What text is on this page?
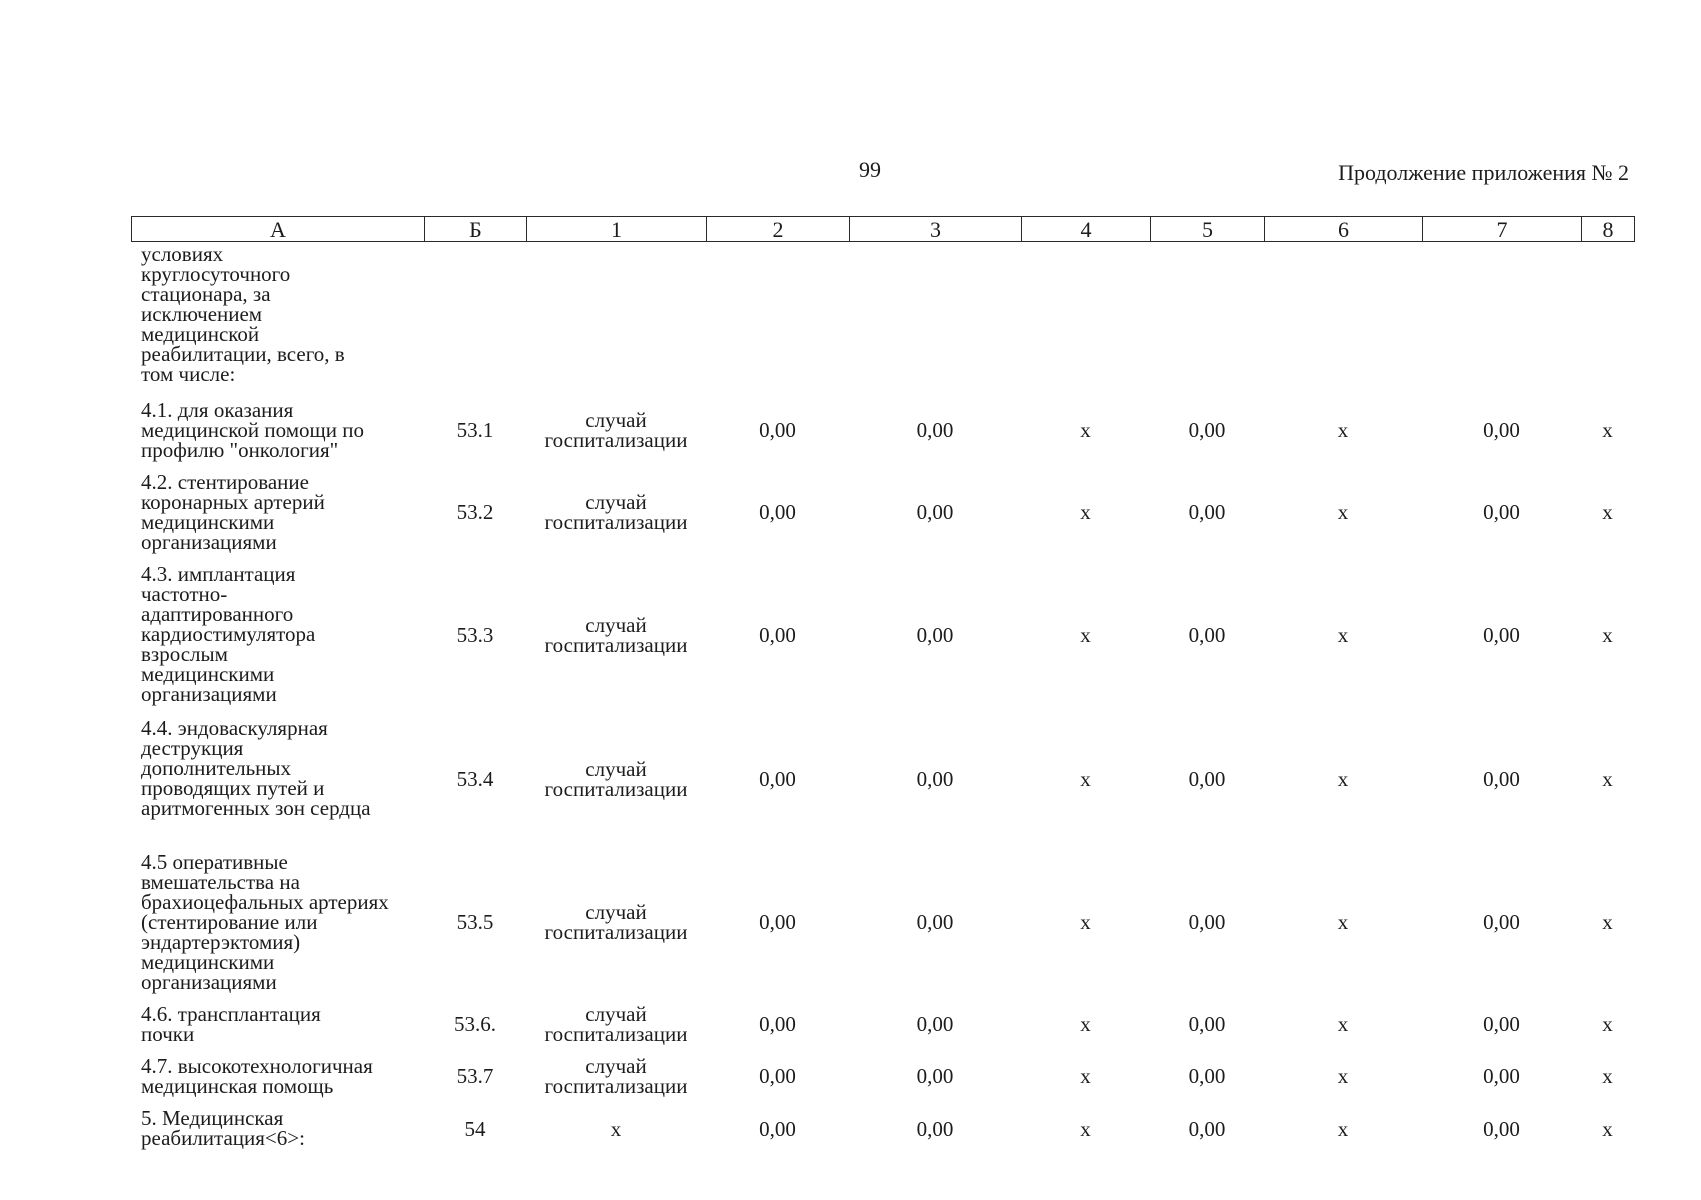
99	Продолжение приложения № 2
А	Б	1	2	3	4	5	6	7	8
условиях круглосуточного стационара, за исключением медицинской реабилитации, всего, в том числе:									

4.1. для оказания медицинской помощи по профилю "онкология"	53.1	случай госпитализации	0,00	0,00	х	0,00	х	0,00	х

4.2. стентирование коронарных артерий медицинскими организациями	53.2	случай госпитализации	0,00	0,00	х	0,00	х	0,00	х

4.3. имплантация частотно-адаптированного кардиостимулятора взрослым медицинскими организациями	53.3	случай госпитализации	0,00	0,00	х	0,00	х	0,00	х

4.4. эндоваскулярная деструкция дополнительных проводящих путей и аритмогенных зон сердца	53.4	случай госпитализации	0,00	0,00	х	0,00	х	0,00	х

4.5 оперативные вмешательства на брахиоцефальных артериях (стентирование или эндартерэктомия) медицинскими организациями	53.5	случай госпитализации	0,00	0,00	х	0,00	х	0,00	х

4.6. трансплантация почки	53.6.	случай госпитализации	0,00	0,00	х	0,00	х	0,00	х

4.7. высокотехнологичная медицинская помощь	53.7	случай госпитализации	0,00	0,00	х	0,00	х	0,00	х

5. Медицинская реабилитация<6>:	54	х	0,00	0,00	х	0,00	х	0,00	х
